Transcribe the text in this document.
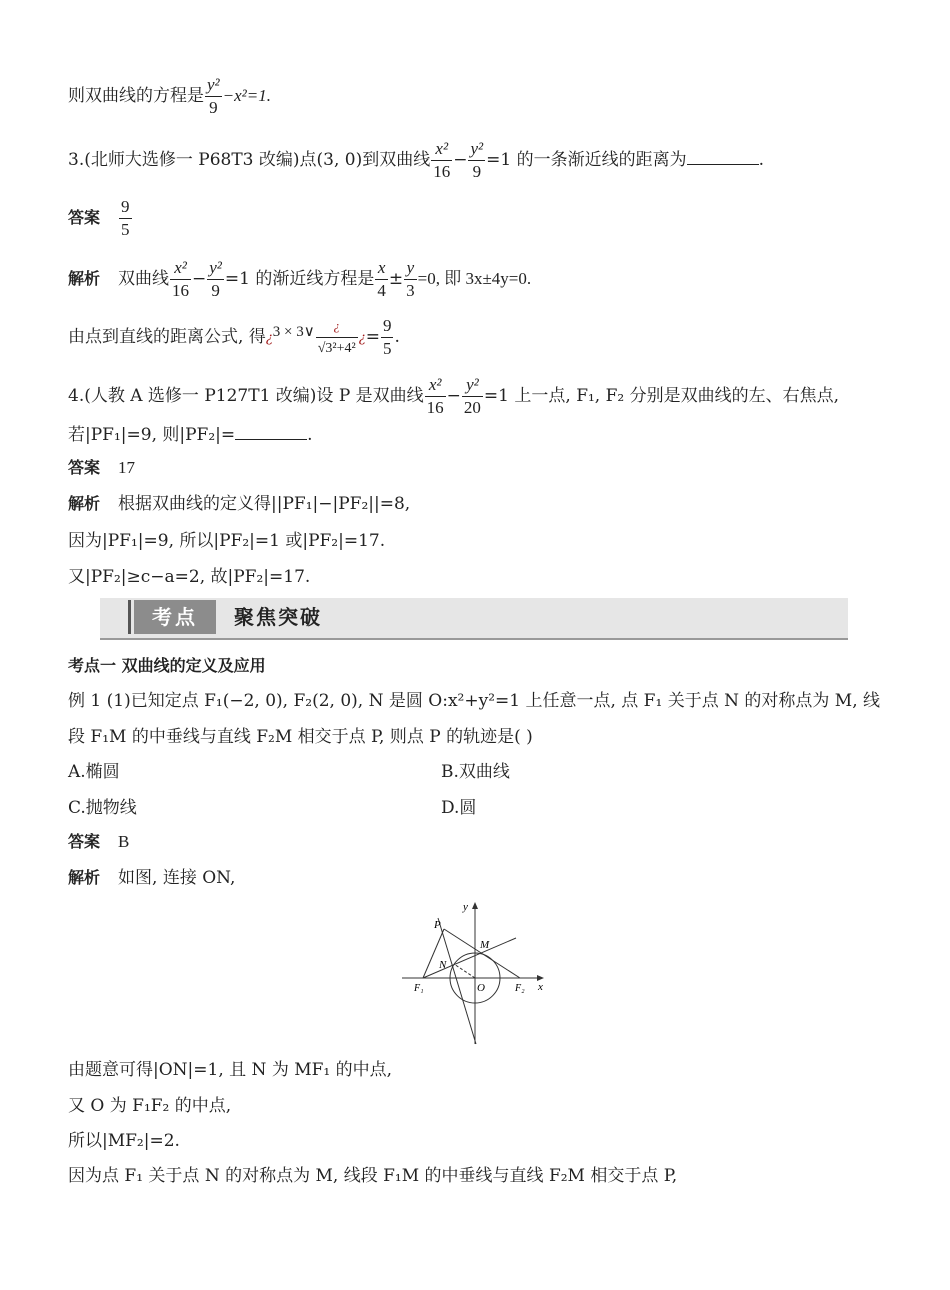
则双曲线的方程是 $\frac{\text{y²}}{9} -x^2=1$.
3.(北师大选修一 P68T3 改编)点(3, 0)到双曲线 $\frac{\text{x²}}{16} - \frac{\text{y²}}{9} =1$ 的一条渐近线的距离为	.
答案 $\frac{9}{5}$
解析 双曲线 $\frac{\text{x²}}{16} - \frac{\text{y²}}{9} =1$ 的渐近线方程是 $\frac{x}{4} \pm \frac{y}{3} =0$, 即 3x±4y=0.
由点到直线的距离公式, 得¿3 × 3∨ $\frac{¿}{\text{√3²+4²}}$ ¿= $\frac{9}{5}$ .
4.(人教 A 选修一 P127T1 改编)设 P 是双曲线 $\frac{\text{x²}}{16} - \frac{\text{y²}}{20} =1$ 上一点, F₁, F₂ 分别是双曲线的左、右焦点,
若|PF₁|=9, 则|PF₂|=	.
答案 17
解析 根据双曲线的定义得||PF₁|−|PF₂||=8,
因为|PF₁|=9, 所以|PF₂|=1 或|PF₂|=17.
又|PF₂|≥c−a=2, 故|PF₂|=17.
考点	聚焦突破
考点一 双曲线的定义及应用
例 1 (1)已知定点 F₁(−2, 0), F₂(2, 0), N 是圆 O:x²+y²=1 上任意一点, 点 F₁ 关于点 N 的对称点为 M, 线
段 F₁M 的中垂线与直线 F₂M 相交于点 P, 则点 P 的轨迹是( )
A.椭圆	B.双曲线
C.抛物线	D.圆
答案 B
解析 如图, 连接 ON,
y
x
P
M
N
O
F₁	F₂
由题意可得|ON|=1, 且 N 为 MF₁ 的中点,
又 O 为 F₁F₂ 的中点,
所以|MF₂|=2.
因为点 F₁ 关于点 N 的对称点为 M, 线段 F₁M 的中垂线与直线 F₂M 相交于点 P,
